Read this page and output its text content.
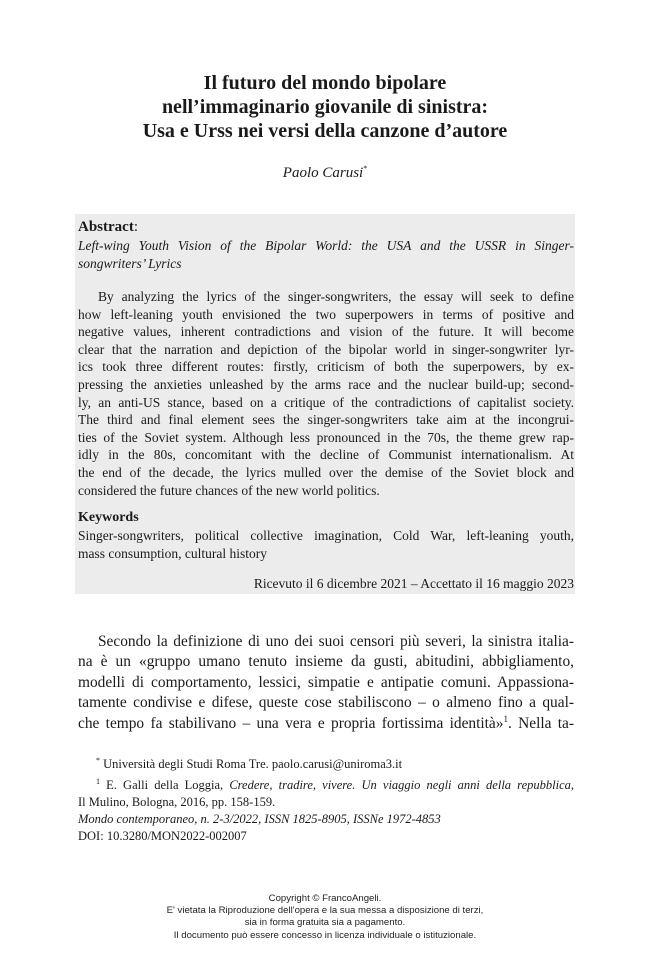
Il futuro del mondo bipolare
nell’immaginario giovanile di sinistra:
Usa e Urss nei versi della canzone d’autore
Paolo Carusi*
Abstract:
Left-wing Youth Vision of the Bipolar World: the USA and the USSR in Singer-
songwriters’ Lyrics
By analyzing the lyrics of the singer-songwriters, the essay will seek to define
how left-leaning youth envisioned the two superpowers in terms of positive and
negative values, inherent contradictions and vision of the future. It will become
clear that the narration and depiction of the bipolar world in singer-songwriter lyr-
ics took three different routes: firstly, criticism of both the superpowers, by ex-
pressing the anxieties unleashed by the arms race and the nuclear build-up; second-
ly, an anti-US stance, based on a critique of the contradictions of capitalist society.
The third and final element sees the singer-songwriters take aim at the incongrui-
ties of the Soviet system. Although less pronounced in the 70s, the theme grew rap-
idly in the 80s, concomitant with the decline of Communist internationalism. At
the end of the decade, the lyrics mulled over the demise of the Soviet block and
considered the future chances of the new world politics.
Keywords
Singer-songwriters, political collective imagination, Cold War, left-leaning youth,
mass consumption, cultural history
Ricevuto il 6 dicembre 2021 – Accettato il 16 maggio 2023
Secondo la definizione di uno dei suoi censori più severi, la sinistra italia-
na è un «gruppo umano tenuto insieme da gusti, abitudini, abbigliamento,
modelli di comportamento, lessici, simpatie e antipatie comuni. Appassiona-
tamente condivise e difese, queste cose stabiliscono – o almeno fino a qual-
che tempo fa stabilivano – una vera e propria fortissima identità»$^1$. Nella ta-
* Università degli Studi Roma Tre. paolo.carusi@uniroma3.it
$^1$ E. Galli della Loggia, Credere, tradire, vivere. Un viaggio negli anni della repubblica,
Il Mulino, Bologna, 2016, pp. 158-159.
Mondo contemporaneo, n. 2-3/2022, ISSN 1825-8905, ISSNe 1972-4853
DOI: 10.3280/MON2022-002007
Copyright © FrancoAngeli.
E' vietata la Riproduzione dell'opera e la sua messa a disposizione di terzi,
sia in forma gratuita sia a pagamento.
Il documento può essere concesso in licenza individuale o istituzionale.
